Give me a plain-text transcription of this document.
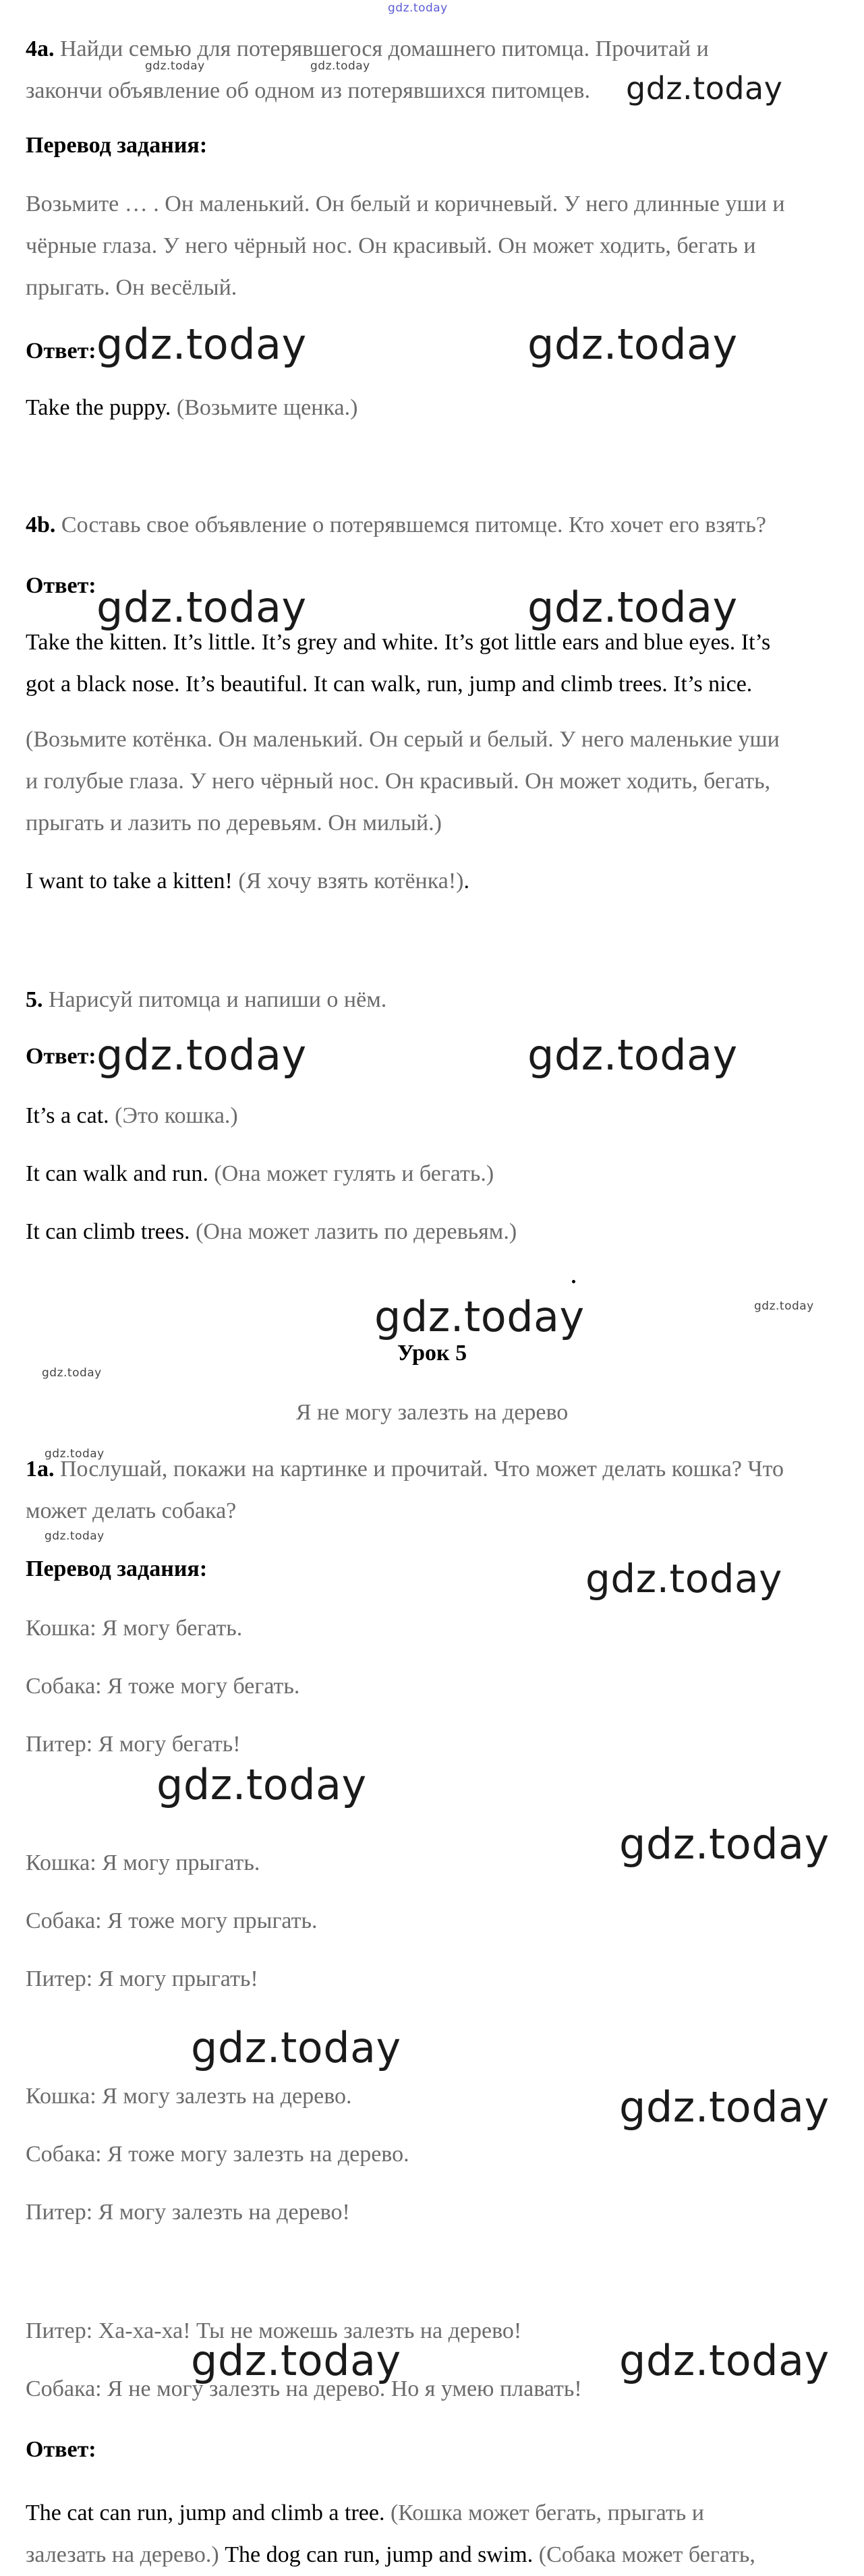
gdz.today
4a. Найди семью для потерявшегося домашнего питомца. Прочитай и
закончи объявление об одном из потерявшихся питомцев.
gdz.today	gdz.today
gdz.today
Перевод задания:
Возьмите … . Он маленький. Он белый и коричневый. У него длинные уши и
чёрные глаза. У него чёрный нос. Он красивый. Он может ходить, бегать и
прыгать. Он весёлый.
Ответ: gdz.today	gdz.today
Take the puppy. (Возьмите щенка.)
4b. Составь свое объявление о потерявшемся питомце. Кто хочет его взять?
Ответ: gdz.today	gdz.today
Take the kitten. It’s little. It’s grey and white. It’s got little ears and blue eyes. It’s
got a black nose. It’s beautiful. It can walk, run, jump and climb trees. It’s nice.
(Возьмите котёнка. Он маленький. Он серый и белый. У него маленькие уши
и голубые глаза. У него чёрный нос. Он красивый. Он может ходить, бегать,
прыгать и лазить по деревьям. Он милый.)
I want to take a kitten! (Я хочу взять котёнка!).
5. Нарисуй питомца и напиши о нём.
Ответ: gdz.today	gdz.today
It’s a cat. (Это кошка.)
It can walk and run. (Она может гулять и бегать.)
It can climb trees. (Она может лазить по деревьям.)
gdz.today	gdz.today
Урок 5
gdz.today
Я не могу залезть на дерево
gdz.today
1a. Послушай, покажи на картинке и прочитай. Что может делать кошка? Что
может делать собака?
gdz.today
Перевод задания:	gdz.today
Кошка: Я могу бегать.
Собака: Я тоже могу бегать.
Питер: Я могу бегать!
gdz.today
gdz.today
Кошка: Я могу прыгать.
Собака: Я тоже могу прыгать.
Питер: Я могу прыгать!
gdz.today
gdz.today
Кошка: Я могу залезть на дерево.
Собака: Я тоже могу залезть на дерево.
Питер: Я могу залезть на дерево!
Питер: Ха-ха-ха! Ты не можешь залезть на дерево!
gdz.today	gdz.today
Собака: Я не могу залезть на дерево. Но я умею плавать!
Ответ:
The cat can run, jump and climb a tree. (Кошка может бегать, прыгать и
залезать на дерево.) The dog can run, jump and swim. (Собака может бегать,
